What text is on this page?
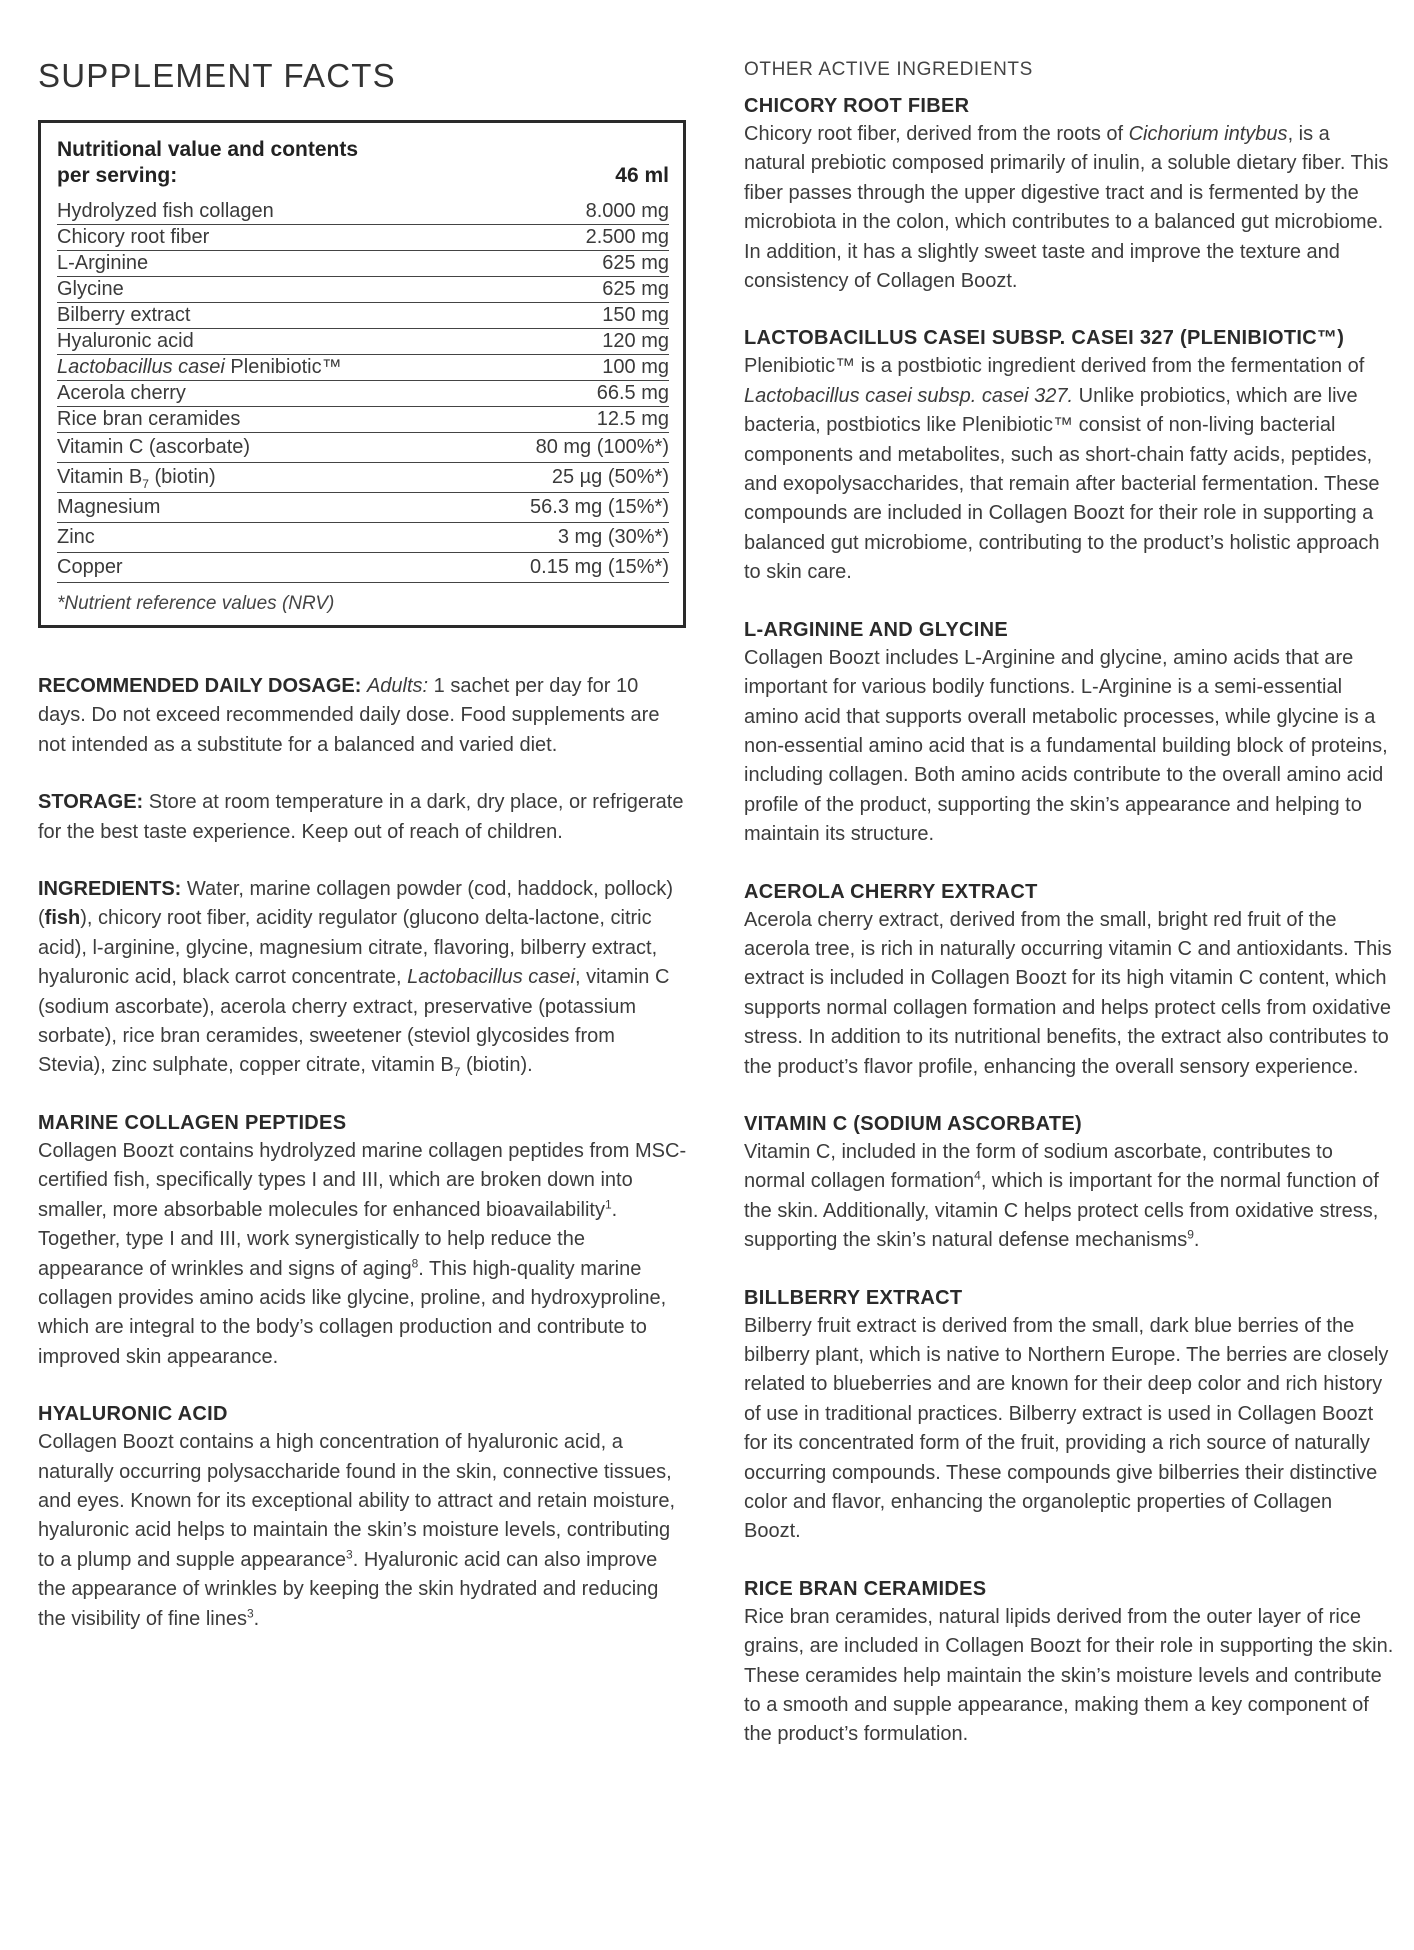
SUPPLEMENT FACTS
Nutritional value and contents
per serving:	46 ml
Hydrolyzed fish collagen	8.000 mg
Chicory root fiber	2.500 mg
L-Arginine	625 mg
Glycine	625 mg
Bilberry extract	150 mg
Hyaluronic acid	120 mg
Lactobacillus casei Plenibiotic™	100 mg
Acerola cherry	66.5 mg
Rice bran ceramides	12.5 mg
Vitamin C (ascorbate)	80 mg (100%*)
Vitamin $B_7$ (biotin)	25 µg (50%*)
Magnesium	56.3 mg (15%*)
Zinc	3 mg (30%*)
Copper	0.15 mg (15%*)
*Nutrient reference values (NRV)

RECOMMENDED DAILY DOSAGE: Adults: 1 sachet per day for 10 days. Do not exceed recommended daily dose. Food supplements are not intended as a substitute for a balanced and varied diet.

STORAGE: Store at room temperature in a dark, dry place, or refrigerate for the best taste experience. Keep out of reach of children.

INGREDIENTS: Water, marine collagen powder (cod, haddock, pollock) (fish), chicory root fiber, acidity regulator (glucono delta-lactone, citric acid), l-arginine, glycine, magnesium citrate, flavoring, bilberry extract, hyaluronic acid, black carrot concentrate, Lactobacillus casei, vitamin C (sodium ascorbate), acerola cherry extract, preservative (potassium sorbate), rice bran ceramides, sweetener (steviol glycosides from Stevia), zinc sulphate, copper citrate, vitamin $B_7$ (biotin).

MARINE COLLAGEN PEPTIDES

Collagen Boozt contains hydrolyzed marine collagen peptides from MSC-certified fish, specifically types I and III, which are broken down into smaller, more absorbable molecules for enhanced bioavailability$^1$. Together, type I and III, work synergistically to help reduce the appearance of wrinkles and signs of aging$^8$. This high-quality marine collagen provides amino acids like glycine, proline, and hydroxyproline, which are integral to the body’s collagen production and contribute to improved skin appearance.

HYALURONIC ACID

Collagen Boozt contains a high concentration of hyaluronic acid, a naturally occurring polysaccharide found in the skin, connective tissues, and eyes. Known for its exceptional ability to attract and retain moisture, hyaluronic acid helps to maintain the skin’s moisture levels, contributing to a plump and supple appearance$^3$. Hyaluronic acid can also improve the appearance of wrinkles by keeping the skin hydrated and reducing the visibility of fine lines$^3$.

OTHER ACTIVE INGREDIENTS
CHICORY ROOT FIBER

Chicory root fiber, derived from the roots of Cichorium intybus, is a natural prebiotic composed primarily of inulin, a soluble dietary fiber. This fiber passes through the upper digestive tract and is fermented by the microbiota in the colon, which contributes to a balanced gut microbiome. In addition, it has a slightly sweet taste and improve the texture and consistency of Collagen Boozt.

LACTOBACILLUS CASEI SUBSP. CASEI 327 (PLENIBIOTIC™)

Plenibiotic™ is a postbiotic ingredient derived from the fermentation of Lactobacillus casei subsp. casei 327. Unlike probiotics, which are live bacteria, postbiotics like Plenibiotic™ consist of non-living bacterial components and metabolites, such as short-chain fatty acids, peptides, and exopolysaccharides, that remain after bacterial fermentation. These compounds are included in Collagen Boozt for their role in supporting a balanced gut microbiome, contributing to the product’s holistic approach to skin care.

L-ARGININE AND GLYCINE

Collagen Boozt includes L-Arginine and glycine, amino acids that are important for various bodily functions. L-Arginine is a semi-essential amino acid that supports overall metabolic processes, while glycine is a non-essential amino acid that is a fundamental building block of proteins, including collagen. Both amino acids contribute to the overall amino acid profile of the product, supporting the skin’s appearance and helping to maintain its structure.

ACEROLA CHERRY EXTRACT

Acerola cherry extract, derived from the small, bright red fruit of the acerola tree, is rich in naturally occurring vitamin C and antioxidants. This extract is included in Collagen Boozt for its high vitamin C content, which supports normal collagen formation and helps protect cells from oxidative stress. In addition to its nutritional benefits, the extract also contributes to the product’s flavor profile, enhancing the overall sensory experience.

VITAMIN C (SODIUM ASCORBATE)

Vitamin C, included in the form of sodium ascorbate, contributes to normal collagen formation$^4$, which is important for the normal function of the skin. Additionally, vitamin C helps protect cells from oxidative stress, supporting the skin’s natural defense mechanisms$^9$.

BILLBERRY EXTRACT

Bilberry fruit extract is derived from the small, dark blue berries of the bilberry plant, which is native to Northern Europe. The berries are closely related to blueberries and are known for their deep color and rich history of use in traditional practices. Bilberry extract is used in Collagen Boozt for its concentrated form of the fruit, providing a rich source of naturally occurring compounds. These compounds give bilberries their distinctive color and flavor, enhancing the organoleptic properties of Collagen Boozt.

RICE BRAN CERAMIDES

Rice bran ceramides, natural lipids derived from the outer layer of rice grains, are included in Collagen Boozt for their role in supporting the skin. These ceramides help maintain the skin’s moisture levels and contribute to a smooth and supple appearance, making them a key component of the product’s formulation.
